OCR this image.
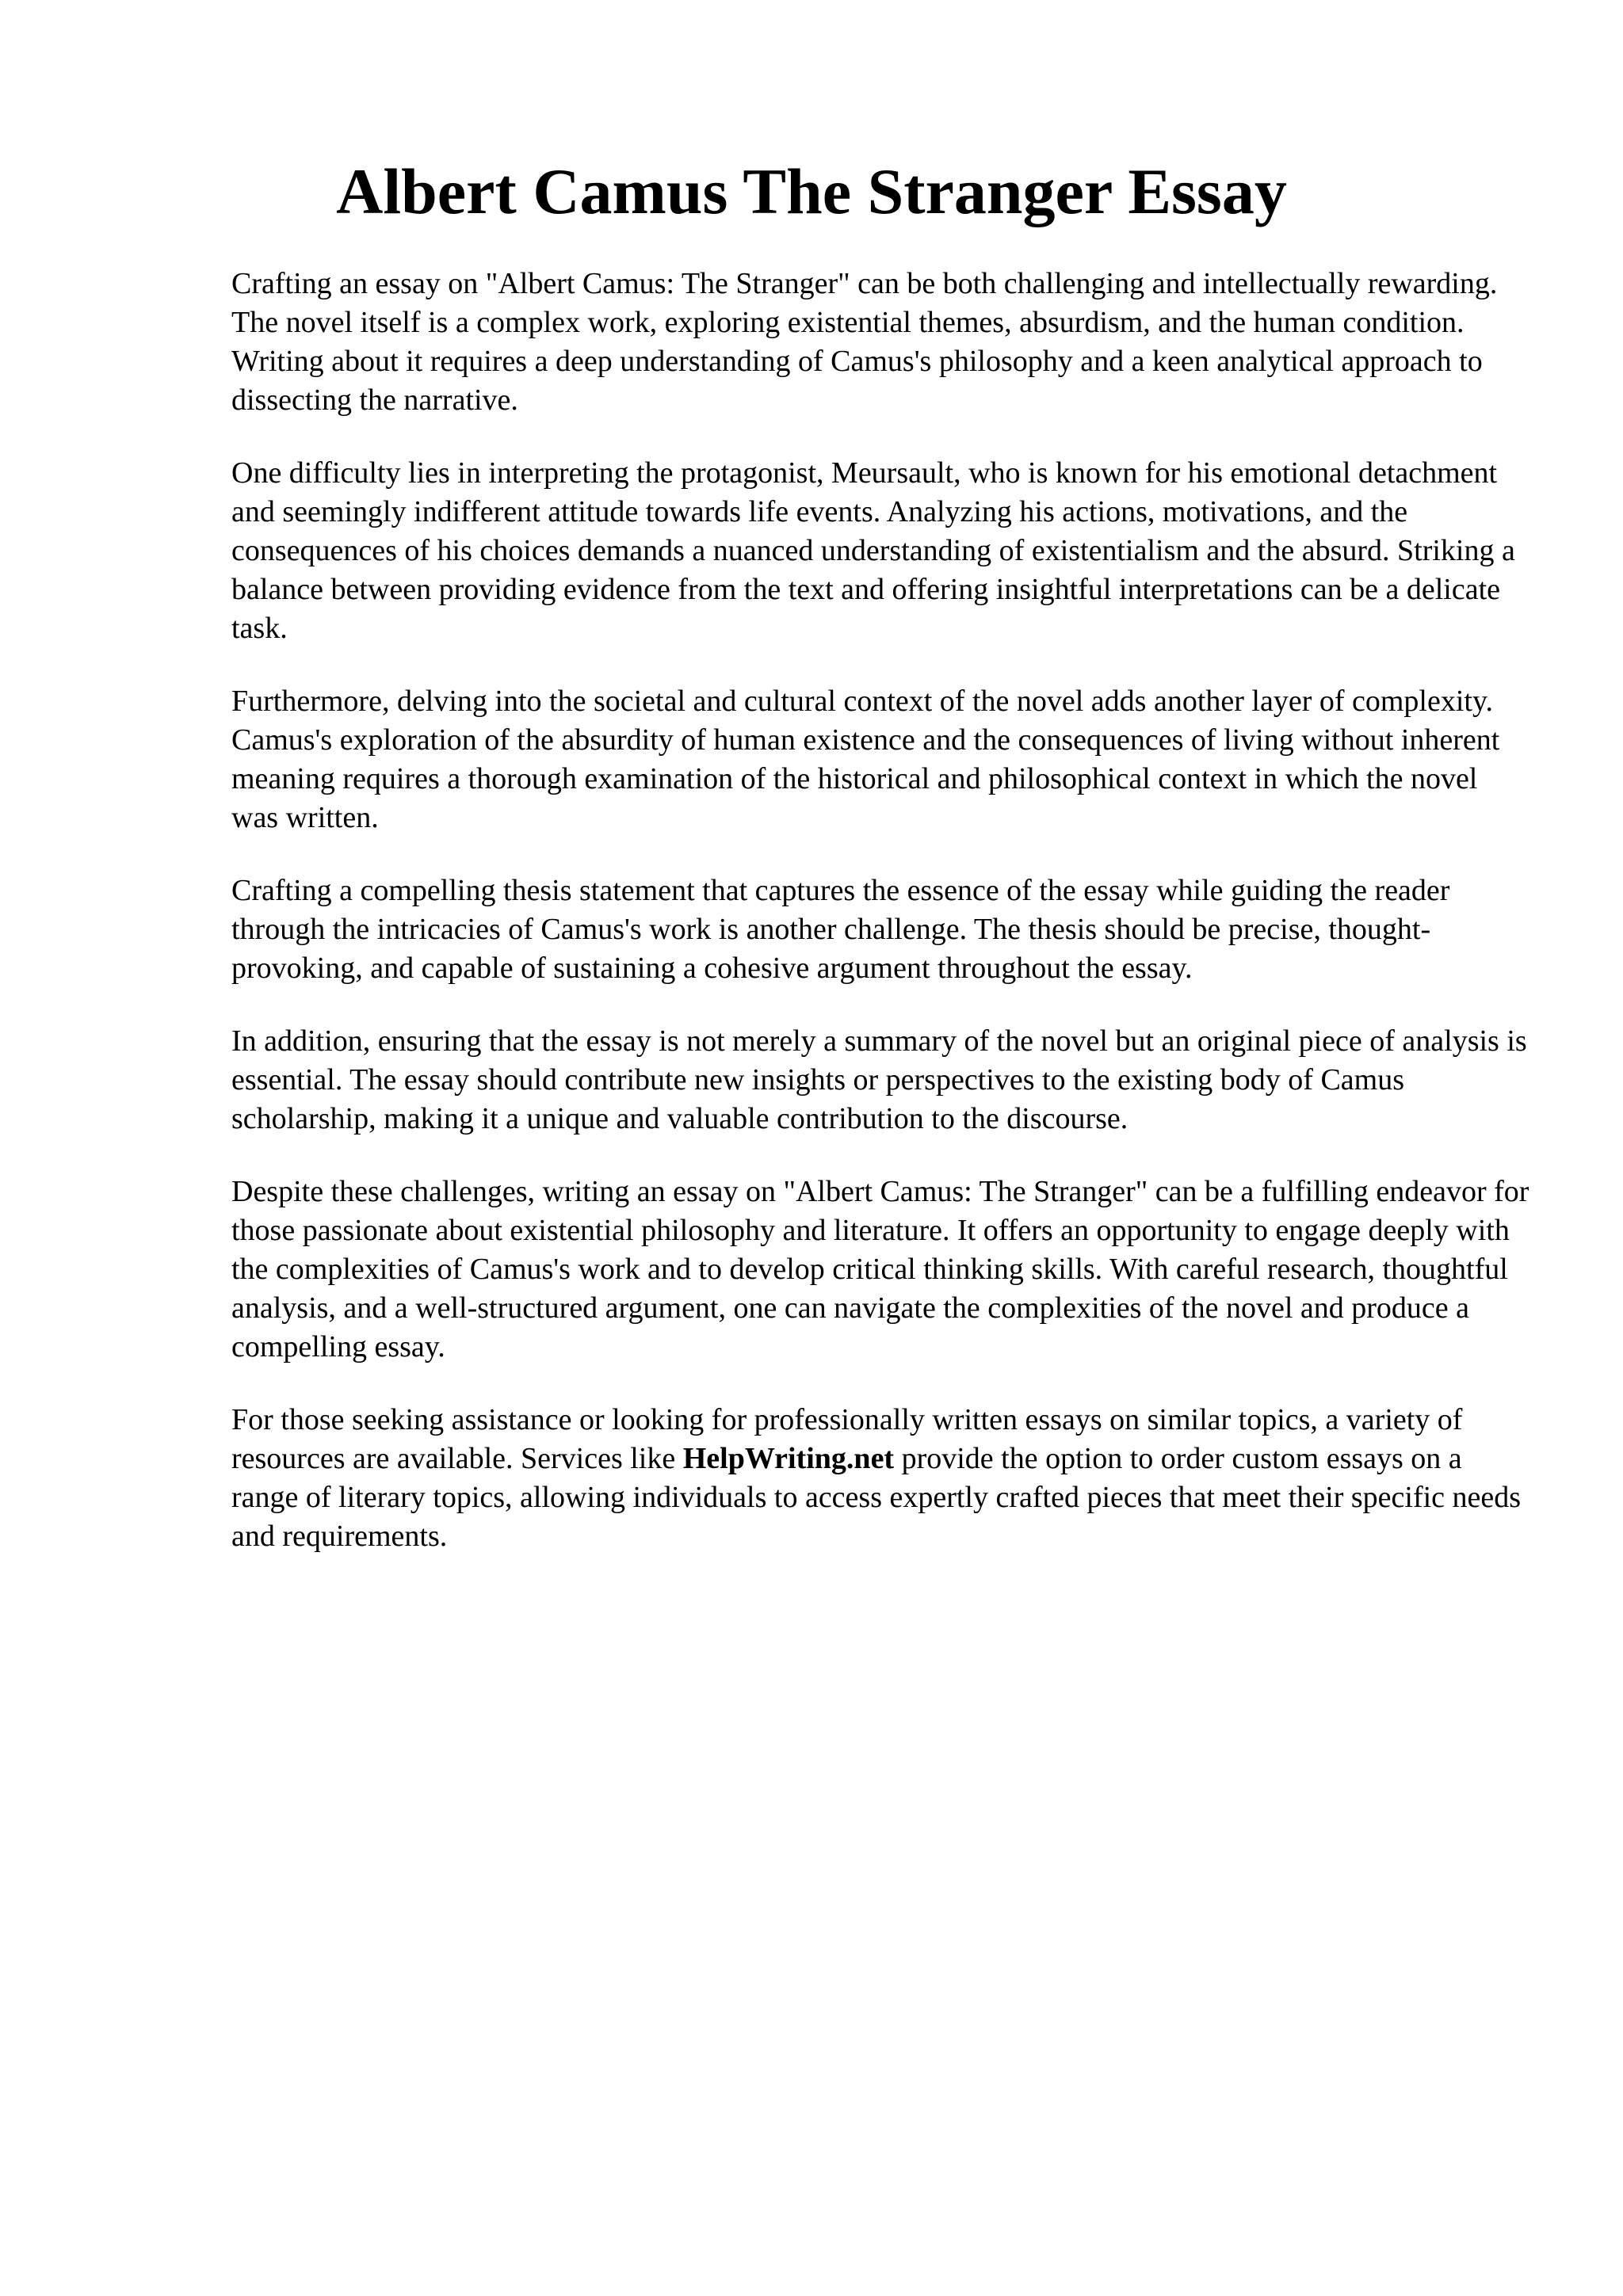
Albert Camus The Stranger Essay

Crafting an essay on "Albert Camus: The Stranger" can be both challenging and intellectually rewarding. The novel itself is a complex work, exploring existential themes, absurdism, and the human condition. Writing about it requires a deep understanding of Camus's philosophy and a keen analytical approach to dissecting the narrative.

One difficulty lies in interpreting the protagonist, Meursault, who is known for his emotional detachment and seemingly indifferent attitude towards life events. Analyzing his actions, motivations, and the consequences of his choices demands a nuanced understanding of existentialism and the absurd. Striking a balance between providing evidence from the text and offering insightful interpretations can be a delicate task.

Furthermore, delving into the societal and cultural context of the novel adds another layer of complexity. Camus's exploration of the absurdity of human existence and the consequences of living without inherent meaning requires a thorough examination of the historical and philosophical context in which the novel was written.

Crafting a compelling thesis statement that captures the essence of the essay while guiding the reader through the intricacies of Camus's work is another challenge. The thesis should be precise, thought-provoking, and capable of sustaining a cohesive argument throughout the essay.

In addition, ensuring that the essay is not merely a summary of the novel but an original piece of analysis is essential. The essay should contribute new insights or perspectives to the existing body of Camus scholarship, making it a unique and valuable contribution to the discourse.

Despite these challenges, writing an essay on "Albert Camus: The Stranger" can be a fulfilling endeavor for those passionate about existential philosophy and literature. It offers an opportunity to engage deeply with the complexities of Camus's work and to develop critical thinking skills. With careful research, thoughtful analysis, and a well-structured argument, one can navigate the complexities of the novel and produce a compelling essay.

For those seeking assistance or looking for professionally written essays on similar topics, a variety of resources are available. Services like HelpWriting.net provide the option to order custom essays on a range of literary topics, allowing individuals to access expertly crafted pieces that meet their specific needs and requirements.
